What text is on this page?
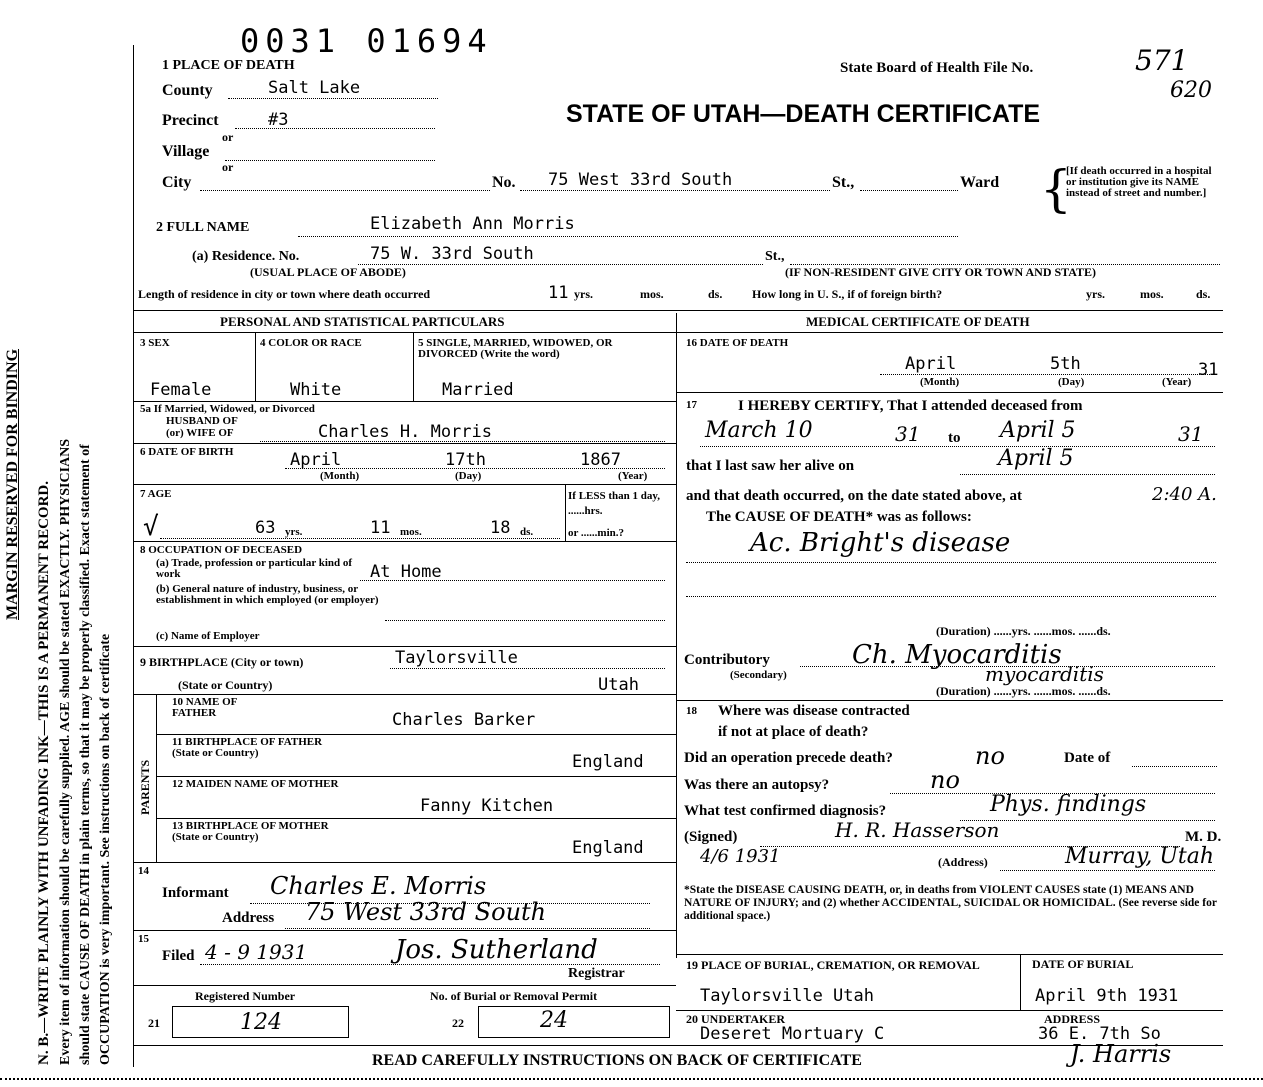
MARGIN RESERVED FOR BINDING N. B.—WRITE PLAINLY WITH UNFADING INK—THIS IS A PERMANENT RECORD. Every item of information should be carefully supplied. AGE should be stated EXACTLY. PHYSICIANS should state CAUSE OF DEATH in plain terms, so that it may be properly classified. Exact statement of OCCUPATION is very important. See instructions on back of certificate
0031 01694
State Board of Health File No.	571
620
STATE OF UTAH—DEATH CERTIFICATE
1 PLACE OF DEATH
County	Salt Lake
Precinct	#3
or
Village
or
City	No. 75 West 33rd South	St.,	Ward {
[If death occurred in a hospital or institution give its NAME instead of street and number.]
2 FULL NAME	Elizabeth Ann Morris
(a) Residence. No.	75 W. 33rd South	St.,
(USUAL PLACE OF ABODE)	(IF NON-RESIDENT GIVE CITY OR TOWN AND STATE)
Length of residence in city or town where death occurred	11 yrs.	mos.	ds. How long in U. S., if of foreign birth?	yrs.	mos.	ds.
PERSONAL AND STATISTICAL PARTICULARS
3 SEX	4 COLOR OR RACE	5 SINGLE, MARRIED, WIDOWED, OR DIVORCED (Write the word)
Female	White	Married
5a If Married, Widowed, or Divorced
HUSBAND OF
(or) WIFE OF	Charles H. Morris
6 DATE OF BIRTH	April	17th	1867
(Month)	(Day)	(Year)
7 AGE
√	63 yrs.	11 mos.	18 ds.
If LESS than 1 day, ......hrs.
or ......min.?
8 OCCUPATION OF DECEASED
(a) Trade, profession or particular kind of work	At Home
(b) General nature of industry, business, or establishment in which employed (or employer)
(c) Name of Employer
9 BIRTHPLACE (City or town)	Taylorsville
(State or Country)	Utah
PARENTS
10 NAME OF FATHER	Charles Barker
11 BIRTHPLACE OF FATHER (State or Country)	England
12 MAIDEN NAME OF MOTHER
Fanny Kitchen
13 BIRTHPLACE OF MOTHER (State or Country)
England
14
Informant Charles E. Morris
Address 75 West 33rd South
15
Filed 4 - 9 1931	Jos. Sutherland
Registrar
Registered Number	No. of Burial or Removal Permit
21	124	22	24
MEDICAL CERTIFICATE OF DEATH
16 DATE OF DEATH
April	5th	31
(Month)	(Day)	(Year)
17	I HEREBY CERTIFY, That I attended deceased from
March 10	31 to April 5	31
that I last saw her alive on	April 5
and that death occurred, on the date stated above, at	2:40 A.
The CAUSE OF DEATH* was as follows:
Ac. Bright's disease
(Duration) ......yrs. ......mos. ......ds.
Contributory
(Secondary)
Ch. Myocarditis
myocarditis
(Duration) ......yrs. ......mos. ......ds.
18 Where was disease contracted
if not at place of death?
Did an operation precede death?	no	Date of
Was there an autopsy?	no
What test confirmed diagnosis?	Phys. findings
(Signed)	H. R. Hasserson	M. D.
4/6 1931	(Address)	Murray, Utah
*State the DISEASE CAUSING DEATH, or, in deaths from VIOLENT CAUSES state (1) MEANS AND NATURE OF INJURY; and (2) whether ACCIDENTAL, SUICIDAL OR HOMICIDAL. (See reverse side for additional space.)
19 PLACE OF BURIAL, CREMATION, OR REMOVAL
Taylorsville Utah
DATE OF BURIAL
April 9th 1931
20 UNDERTAKER
Deseret Mortuary C
ADDRESS
36 E. 7th So
J. Harris
READ CAREFULLY INSTRUCTIONS ON BACK OF CERTIFICATE
